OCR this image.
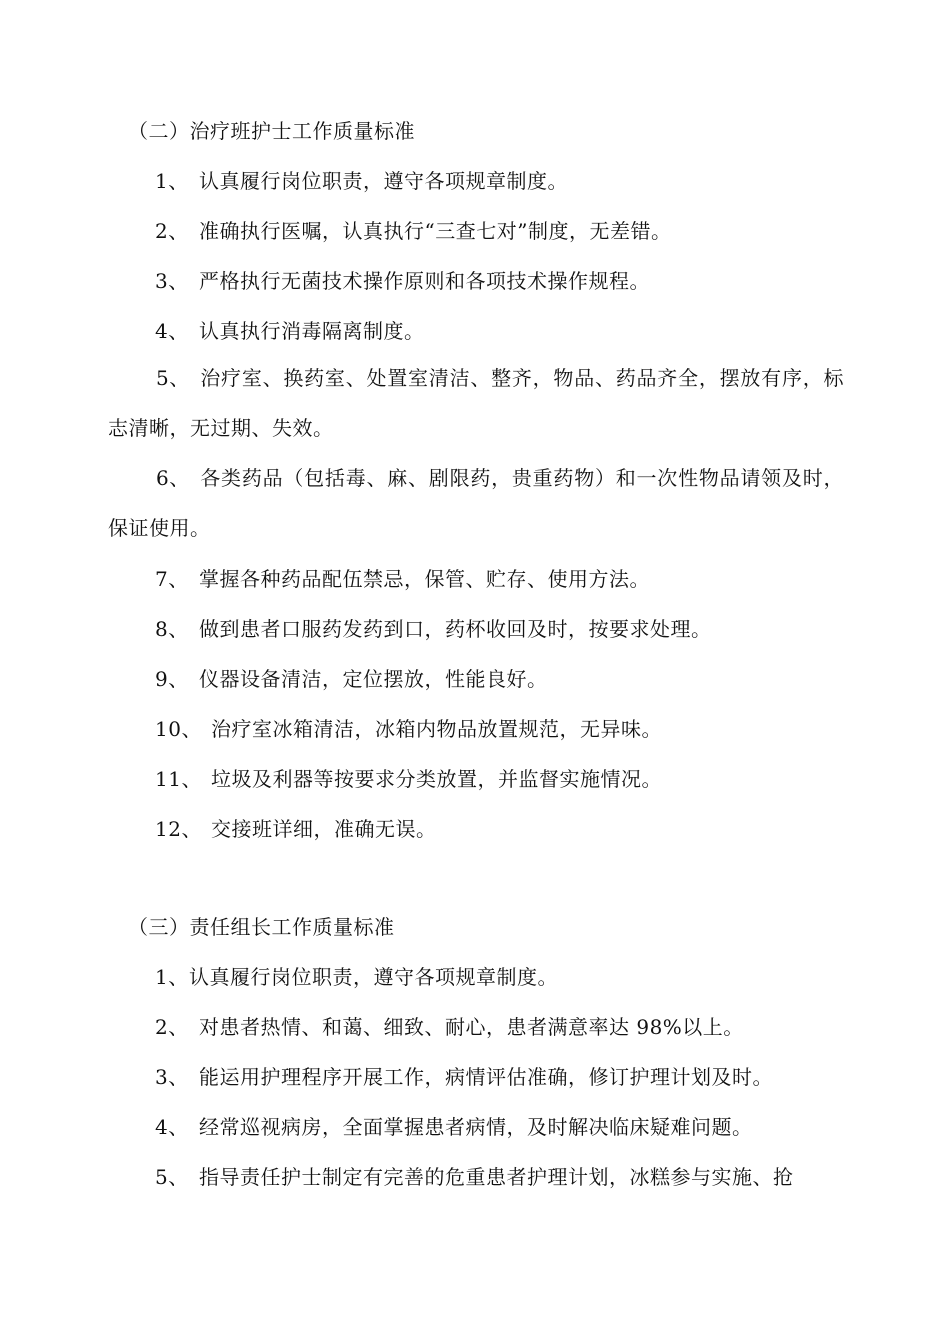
（二）治疗班护士工作质量标准
1、 认真履行岗位职责，遵守各项规章制度。
2、 准确执行医嘱，认真执行“三查七对”制度，无差错。
3、 严格执行无菌技术操作原则和各项技术操作规程。
4、 认真执行消毒隔离制度。
5、 治疗室、换药室、处置室清洁、整齐，物品、药品齐全，摆放有序，标志清晰，无过期、失效。
6、 各类药品（包括毒、麻、剧限药，贵重药物）和一次性物品请领及时，保证使用。
7、 掌握各种药品配伍禁忌，保管、贮存、使用方法。
8、 做到患者口服药发药到口，药杯收回及时，按要求处理。
9、 仪器设备清洁，定位摆放，性能良好。
10、 治疗室冰箱清洁，冰箱内物品放置规范，无异味。
11、 垃圾及利器等按要求分类放置，并监督实施情况。
12、 交接班详细，准确无误。
（三）责任组长工作质量标准
1、认真履行岗位职责，遵守各项规章制度。
2、 对患者热情、和蔼、细致、耐心，患者满意率达 98%以上。
3、 能运用护理程序开展工作，病情评估准确，修订护理计划及时。
4、 经常巡视病房，全面掌握患者病情，及时解决临床疑难问题。
5、 指导责任护士制定有完善的危重患者护理计划，冰糕参与实施、抢
